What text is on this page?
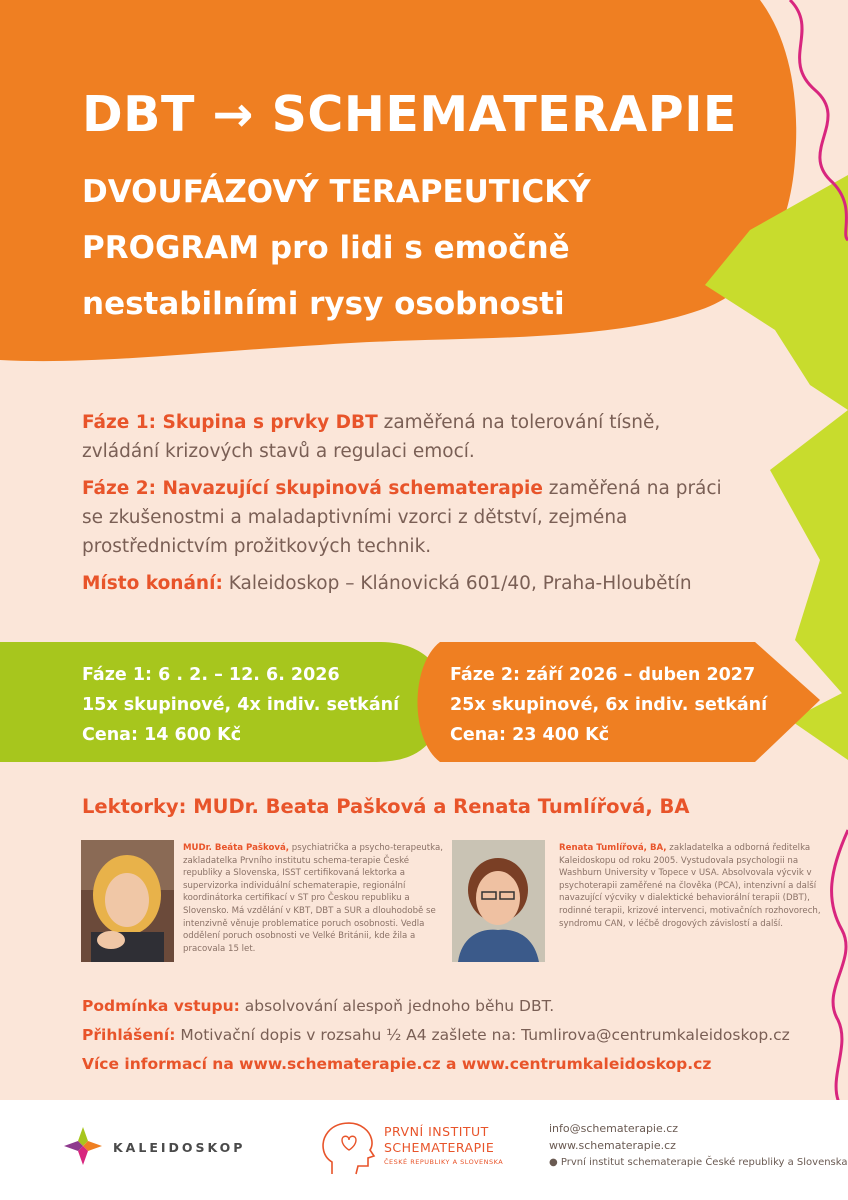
DBT → SCHEMATERAPIE
DVOUFÁZOVÝ TERAPEUTICKÝ
PROGRAM pro lidi s emočně
nestabilními rysy osobnosti

Fáze 1: Skupina s prvky DBT zaměřená na tolerování tísně, zvládání krizových stavů a regulaci emocí.

Fáze 2: Navazující skupinová schematerapie zaměřená na práci se zkušenostmi a maladaptivními vzorci z dětství, zejména prostřednictvím prožitkových technik.

Místo konání: Kaleidoskop – Klánovická 601/40, Praha-Hloubětín

Fáze 1: 6 . 2. – 12. 6. 2026
15x skupinové, 4x indiv. setkání
Cena: 14 600 Kč
Fáze 2: září 2026 – duben 2027
25x skupinové, 6x indiv. setkání
Cena: 23 400 Kč
Lektorky: MUDr. Beata Pašková a Renata Tumlířová, BA
MUDr. Beáta Pašková, psychiatrička a psycho-terapeutka, zakladatelka Prvního institutu schema-terapie České republiky a Slovenska, ISST certifikovaná lektorka a supervizorka individuální schematerapie, regionální koordinátorka certifikací v ST pro Českou republiku a Slovensko. Má vzdělání v KBT, DBT a SUR a dlouhodobě se intenzivně věnuje problematice poruch osobnosti. Vedla oddělení poruch osobnosti ve Velké Británii, kde žila a pracovala 15 let.
Renata Tumlířová, BA, zakladatelka a odborná ředitelka Kaleidoskopu od roku 2005. Vystudovala psychologii na Washburn University v Topece v USA. Absolvovala výcvik v psychoterapii zaměřené na člověka (PCA), intenzivní a další navazující výcviky v dialektické behaviorální terapii (DBT), rodinné terapii, krizové intervenci, motivačních rozhovorech, syndromu CAN, v léčbě drogových závislostí a další.
Podmínka vstupu: absolvování alespoň jednoho běhu DBT.
Přihlášení: Motivační dopis v rozsahu ½ A4 zašlete na: Tumlirova@centrumkaleidoskop.cz
Více informací na www.schematerapie.cz a www.centrumkaleidoskop.cz
KALEIDOSKOP
PRVNÍ INSTITUT
SCHEMATERAPIE
ČESKÉ REPUBLIKY A SLOVENSKA
info@schematerapie.cz
www.schematerapie.cz
● První institut schematerapie České republiky a Slovenska
